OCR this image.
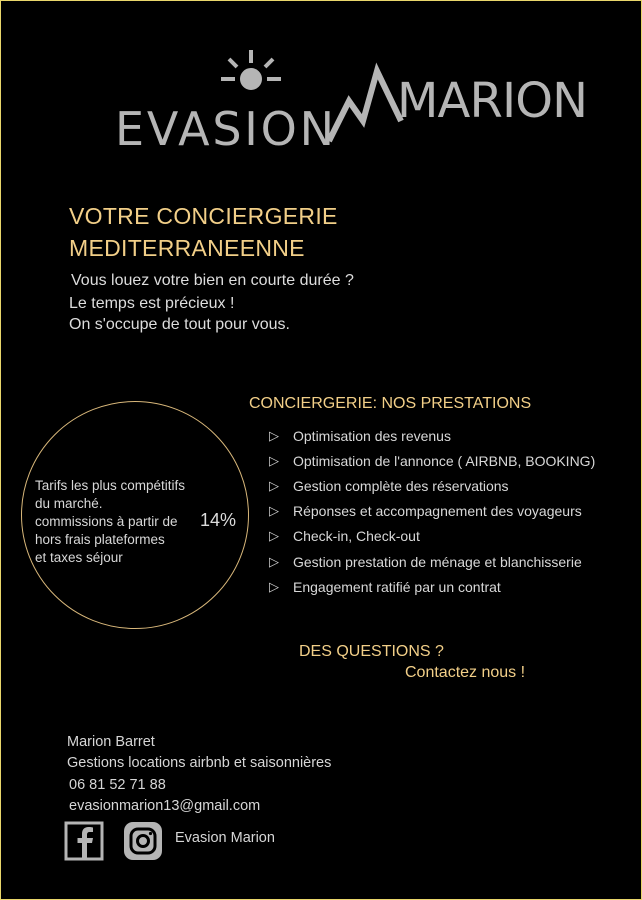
EVASION MARION
VOTRE CONCIERGERIE
MEDITERRANEENNE
Vous louez votre bien en courte durée ?
Le temps est précieux !
On s'occupe de tout pour vous.
Tarifs les plus compétitifs
du marché.
commissions à partir de
hors frais plateformes
et taxes séjour
14%
CONCIERGERIE: NOS PRESTATIONS
▷	Optimisation des revenus
▷	Optimisation de l'annonce ( AIRBNB, BOOKING)
▷	Gestion complète des réservations
▷	Réponses et accompagnement des voyageurs
▷	Check-in, Check-out
▷	Gestion prestation de ménage et blanchisserie
▷	Engagement ratifié par un contrat
DES QUESTIONS ?
Contactez nous !
Marion Barret
Gestions locations airbnb et saisonnières
06 81 52 71 88
evasionmarion13@gmail.com
Evasion Marion
